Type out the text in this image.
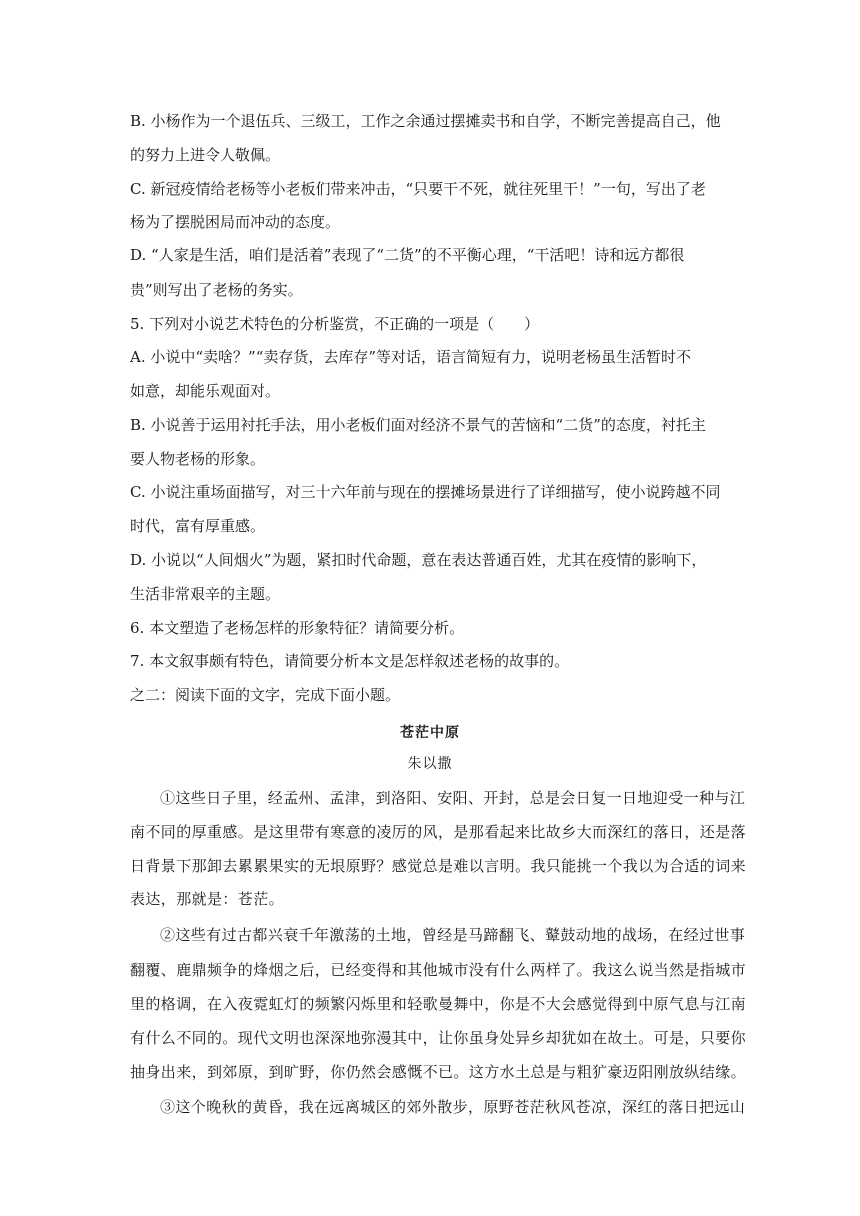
B. 小杨作为一个退伍兵、三级工，工作之余通过摆摊卖书和自学，不断完善提高自己，他
的努力上进令人敬佩。
C. 新冠疫情给老杨等小老板们带来冲击，“只要干不死，就往死里干！”一句，写出了老
杨为了摆脱困局而冲动的态度。
D. “人家是生活，咱们是活着”表现了“二货”的不平衡心理，“干活吧！诗和远方都很
贵”则写出了老杨的务实。
5. 下列对小说艺术特色的分析鉴赏，不正确的一项是（　　）
A. 小说中“卖啥？”“卖存货，去库存”等对话，语言简短有力，说明老杨虽生活暂时不
如意，却能乐观面对。
B. 小说善于运用衬托手法，用小老板们面对经济不景气的苦恼和“二货”的态度，衬托主
要人物老杨的形象。
C. 小说注重场面描写，对三十六年前与现在的摆摊场景进行了详细描写，使小说跨越不同
时代，富有厚重感。
D. 小说以“人间烟火”为题，紧扣时代命题，意在表达普通百姓，尤其在疫情的影响下，
生活非常艰辛的主题。
6. 本文塑造了老杨怎样的形象特征？请简要分析。
7. 本文叙事颇有特色，请简要分析本文是怎样叙述老杨的故事的。
之二：阅读下面的文字，完成下面小题。
苍茫中原
朱以撒
①这些日子里，经孟州、孟津，到洛阳、安阳、开封，总是会日复一日地迎受一种与江
南不同的厚重感。是这里带有寒意的凌厉的风，是那看起来比故乡大而深红的落日，还是落
日背景下那卸去累累果实的无垠原野？感觉总是难以言明。我只能挑一个我以为合适的词来
表达，那就是：苍茫。
②这些有过古都兴衰千年激荡的土地，曾经是马蹄翻飞、鼙鼓动地的战场，在经过世事
翻覆、鹿鼎频争的烽烟之后，已经变得和其他城市没有什么两样了。我这么说当然是指城市
里的格调，在入夜霓虹灯的频繁闪烁里和轻歌曼舞中，你是不大会感觉得到中原气息与江南
有什么不同的。现代文明也深深地弥漫其中，让你虽身处异乡却犹如在故土。可是，只要你
抽身出来，到郊原，到旷野，你仍然会感慨不已。这方水土总是与粗犷豪迈阳刚放纵结缘。
③这个晚秋的黄昏，我在远离城区的郊外散步，原野苍茫秋风苍凉，深红的落日把远山
